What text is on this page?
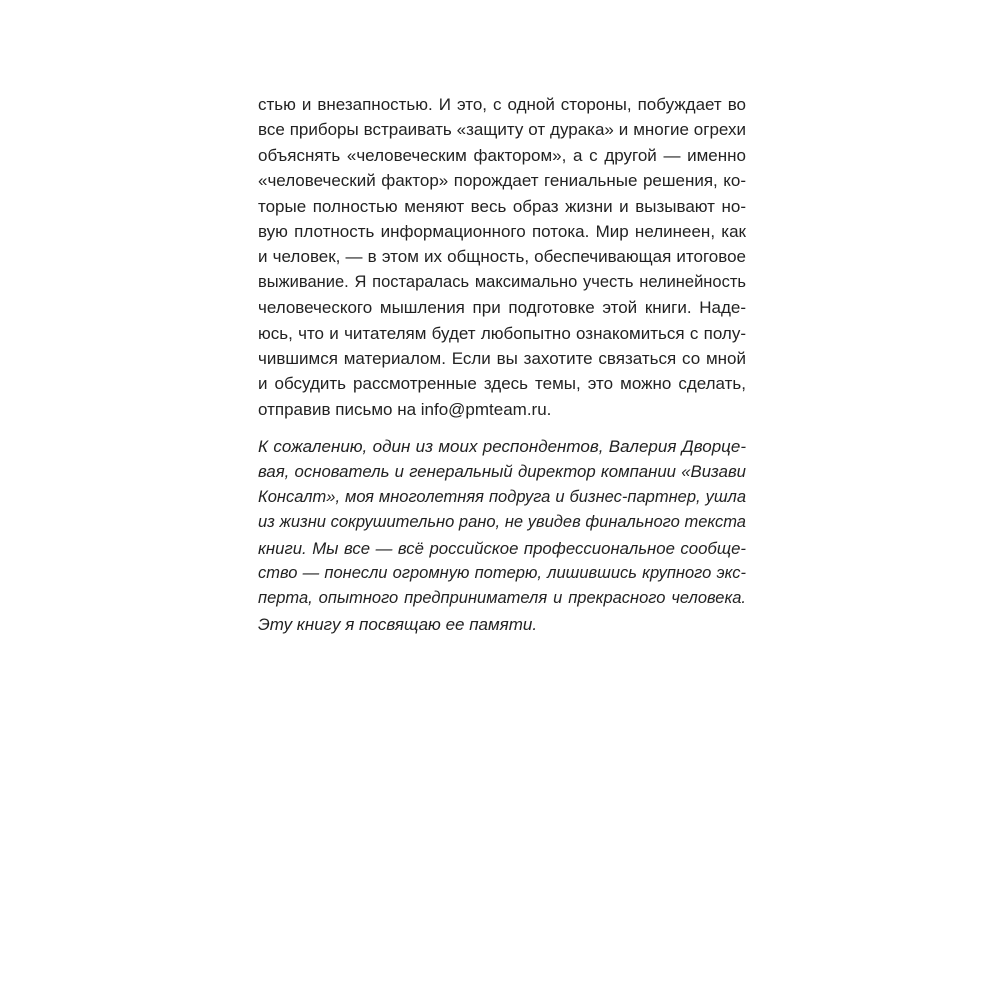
стью и внезапностью. И это, с одной стороны, побуждает во
все приборы встраивать «защиту от дурака» и многие огрехи
объяснять «человеческим фактором», а с другой — именно
«человеческий фактор» порождает гениальные решения, ко-
торые полностью меняют весь образ жизни и вызывают но-
вую плотность информационного потока. Мир нелинеен, как
и человек, — в этом их общность, обеспечивающая итоговое
выживание. Я постаралась максимально учесть нелинейность
человеческого мышления при подготовке этой книги. Наде-
юсь, что и читателям будет любопытно ознакомиться с полу-
чившимся материалом. Если вы захотите связаться со мной
и обсудить рассмотренные здесь темы, это можно сделать,
отправив письмо на info@pmteam.ru.
К сожалению, один из моих респондентов, Валерия Дворце-
вая, основатель и генеральный директор компании «Визави
Консалт», моя многолетняя подруга и бизнес-партнер, ушла
из жизни сокрушительно рано, не увидев финального текста
книги. Мы все — всё российское профессиональное сообще-
ство — понесли огромную потерю, лишившись крупного экс-
перта, опытного предпринимателя и прекрасного человека.
Эту книгу я посвящаю ее памяти.
